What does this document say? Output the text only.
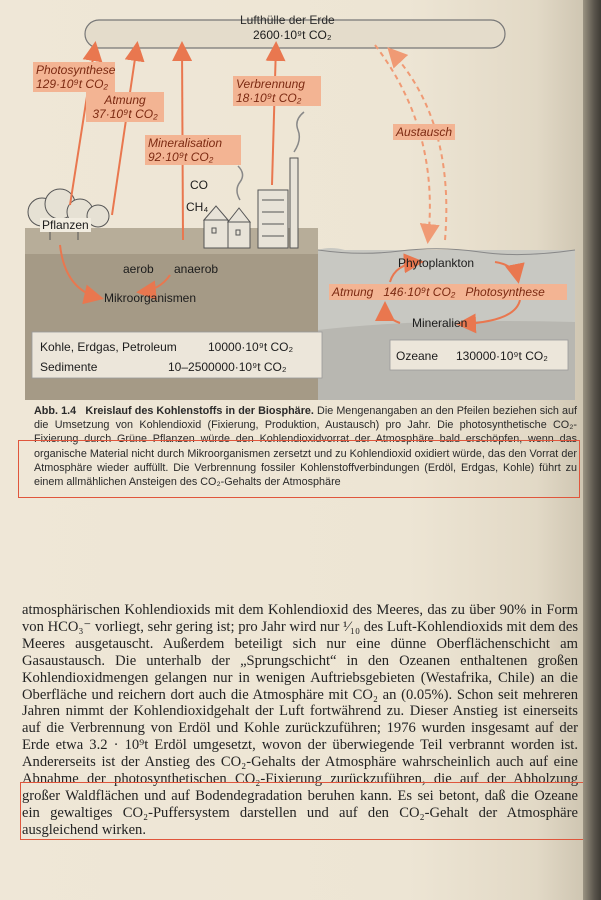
Lufthülle der Erde
2600·10⁹t CO₂
Photosynthese
129·10⁹t CO₂
Atmung
37·10⁹t CO₂
Mineralisation
92·10⁹t CO₂
Verbrennung
18·10⁹t CO₂
Austausch
CO
CH₄
Pflanzen
aerob anaerob
Mikroorganismen
Kohle, Erdgas, Petroleum	10000·10⁹t CO₂
Sedimente	10–2500000·10⁹t CO₂
Phytoplankton
Atmung 146·10⁹t CO₂ Photosynthese
Mineralien
Ozeane 130000·10⁹t CO₂
Abb. 1.4 Kreislauf des Kohlenstoffs in der Biosphäre. Die Mengenangaben an den Pfeilen beziehen sich auf die Umsetzung von Kohlendioxid (Fixierung, Produktion, Austausch) pro Jahr. Die photosynthetische CO₂-Fixierung durch Grüne Pflanzen würde den Kohlendioxidvorrat der Atmosphäre bald erschöpfen, wenn das organische Material nicht durch Mikroorganismen zersetzt und zu Kohlendioxid oxidiert würde, das den Vorrat der Atmosphäre wieder auffüllt. Die Verbrennung fossiler Kohlenstoffverbindungen (Erdöl, Erdgas, Kohle) führt zu einem allmählichen Ansteigen des CO₂-Gehalts der Atmosphäre

atmosphärischen Kohlendioxids mit dem Kohlendioxid des Meeres, das zu über 90% in Form von HCO₃⁻ vorliegt, sehr gering ist; pro Jahr wird nur ¹⁄₁₀ des Luft-Kohlendioxids mit dem des Meeres ausgetauscht. Außerdem beteiligt sich nur eine dünne Oberflächenschicht am Gasaustausch. Die unterhalb der „Sprungschicht“ in den Ozeanen enthaltenen großen Kohlendioxidmengen gelangen nur in wenigen Auftriebsgebieten (Westafrika, Chile) an die Oberfläche und reichern dort auch die Atmosphäre mit CO₂ an (0.05%). Schon seit mehreren Jahren nimmt der Kohlendioxidgehalt der Luft fortwährend zu. Dieser Anstieg ist einerseits auf die Verbrennung von Erdöl und Kohle zurückzuführen; 1976 wurden insgesamt auf der Erde etwa 3.2 · 10⁹t Erdöl umgesetzt, wovon der überwiegende Teil verbrannt worden ist. Andererseits ist der Anstieg des CO₂-Gehalts der Atmosphäre wahrscheinlich auch auf eine Abnahme der photosynthetischen CO₂-Fixierung zurückzuführen, die auf der Abholzung großer Waldflächen und auf Bodendegradation beruhen kann. Es sei betont, daß die Ozeane ein gewaltiges CO₂-Puffersystem darstellen und auf den CO₂-Gehalt der Atmosphäre ausgleichend wirken.
